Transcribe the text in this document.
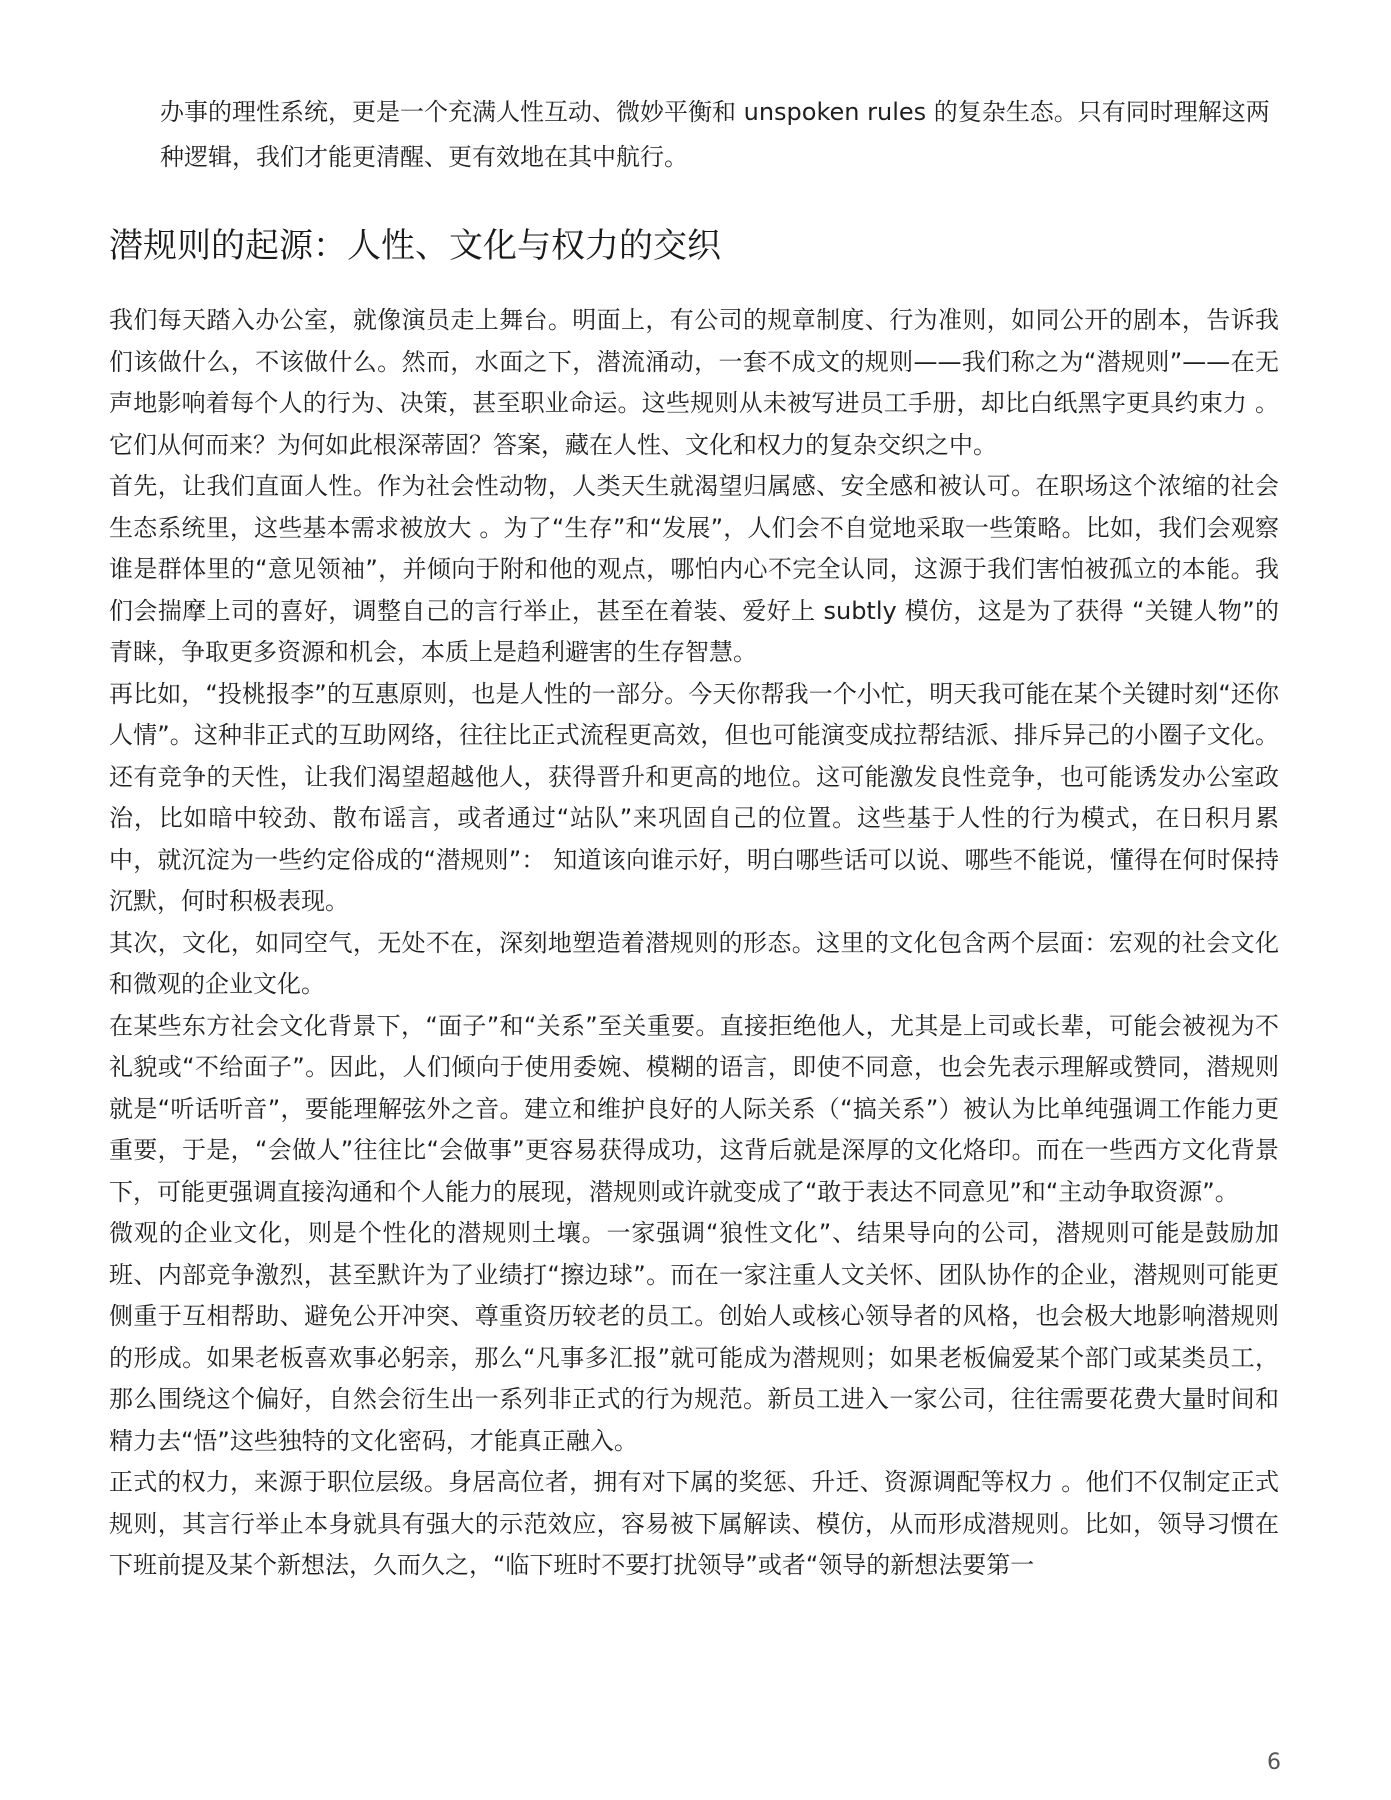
办事的理性系统，更是一个充满人性互动、微妙平衡和 unspoken rules 的复杂生态。只有同时理解这两种逻辑，我们才能更清醒、更有效地在其中航行。

潜规则的起源：人性、文化与权力的交织

我们每天踏入办公室，就像演员走上舞台。明面上，有公司的规章制度、行为准则，如同公开的剧本，告诉我们该做什么，不该做什么。然而，水面之下，潜流涌动，一套不成文的规则——我们称之为“潜规则”——在无声地影响着每个人的行为、决策，甚至职业命运。这些规则从未被写进员工手册，却比白纸黑字更具约束力 。它们从何而来？为何如此根深蒂固？答案，藏在人性、文化和权力的复杂交织之中。

首先，让我们直面人性。作为社会性动物，人类天生就渴望归属感、安全感和被认可。在职场这个浓缩的社会生态系统里，这些基本需求被放大 。为了“生存”和“发展”，人们会不自觉地采取一些策略。比如，我们会观察谁是群体里的“意见领袖”，并倾向于附和他的观点，哪怕内心不完全认同，这源于我们害怕被孤立的本能。我们会揣摩上司的喜好，调整自己的言行举止，甚至在着装、爱好上 subtly 模仿，这是为了获得 “关键人物”的青睐，争取更多资源和机会，本质上是趋利避害的生存智慧。

再比如，“投桃报李”的互惠原则，也是人性的一部分。今天你帮我一个小忙，明天我可能在某个关键时刻“还你人情”。这种非正式的互助网络，往往比正式流程更高效，但也可能演变成拉帮结派、排斥异己的小圈子文化。还有竞争的天性，让我们渴望超越他人，获得晋升和更高的地位。这可能激发良性竞争，也可能诱发办公室政治，比如暗中较劲、散布谣言，或者通过“站队”来巩固自己的位置。这些基于人性的行为模式，在日积月累中，就沉淀为一些约定俗成的“潜规则”： 知道该向谁示好，明白哪些话可以说、哪些不能说，懂得在何时保持沉默，何时积极表现。

其次，文化，如同空气，无处不在，深刻地塑造着潜规则的形态。这里的文化包含两个层面：宏观的社会文化和微观的企业文化。

在某些东方社会文化背景下，“面子”和“关系”至关重要。直接拒绝他人，尤其是上司或长辈，可能会被视为不礼貌或“不给面子”。因此，人们倾向于使用委婉、模糊的语言，即使不同意，也会先表示理解或赞同，潜规则就是“听话听音”，要能理解弦外之音。建立和维护良好的人际关系（“搞关系”）被认为比单纯强调工作能力更重要，于是，“会做人”往往比“会做事”更容易获得成功，这背后就是深厚的文化烙印。而在一些西方文化背景下，可能更强调直接沟通和个人能力的展现，潜规则或许就变成了“敢于表达不同意见”和“主动争取资源”。

微观的企业文化，则是个性化的潜规则土壤。一家强调“狼性文化”、结果导向的公司，潜规则可能是鼓励加班、内部竞争激烈，甚至默许为了业绩打“擦边球”。而在一家注重人文关怀、团队协作的企业，潜规则可能更侧重于互相帮助、避免公开冲突、尊重资历较老的员工。创始人或核心领导者的风格，也会极大地影响潜规则的形成。如果老板喜欢事必躬亲，那么“凡事多汇报”就可能成为潜规则；如果老板偏爱某个部门或某类员工，那么围绕这个偏好，自然会衍生出一系列非正式的行为规范。新员工进入一家公司，往往需要花费大量时间和精力去“悟”这些独特的文化密码，才能真正融入。

正式的权力，来源于职位层级。身居高位者，拥有对下属的奖惩、升迁、资源调配等权力 。他们不仅制定正式规则，其言行举止本身就具有强大的示范效应，容易被下属解读、模仿，从而形成潜规则。比如，领导习惯在下班前提及某个新想法，久而久之，“临下班时不要打扰领导”或者“领导的新想法要第一

6
